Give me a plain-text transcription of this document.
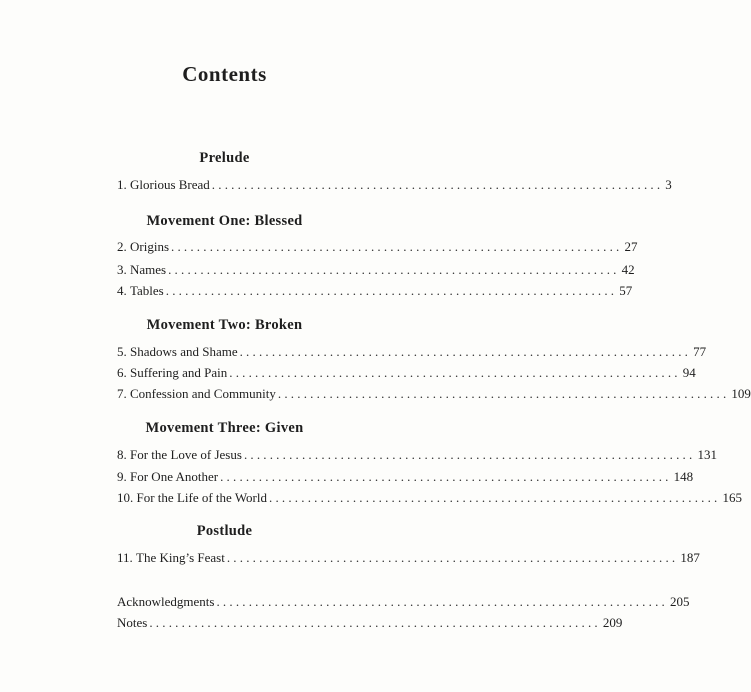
Contents
Prelude
1.
Glorious Bread ...................................................................... 3
Movement One: Blessed
2.
Origins ...................................................................... 27
3.
Names ...................................................................... 42
4.
Tables ...................................................................... 57
Movement Two: Broken
5.
Shadows and Shame ...................................................................... 77
6.
Suffering and Pain ...................................................................... 94
7.
Confession and Community ...................................................................... 109
Movement Three: Given
8.
For the Love of Jesus ...................................................................... 131
9.
For One Another ...................................................................... 148
10.
For the Life of the World ...................................................................... 165
Postlude
11.
The King’s Feast ...................................................................... 187
Acknowledgments ...................................................................... 205
Notes ...................................................................... 209
